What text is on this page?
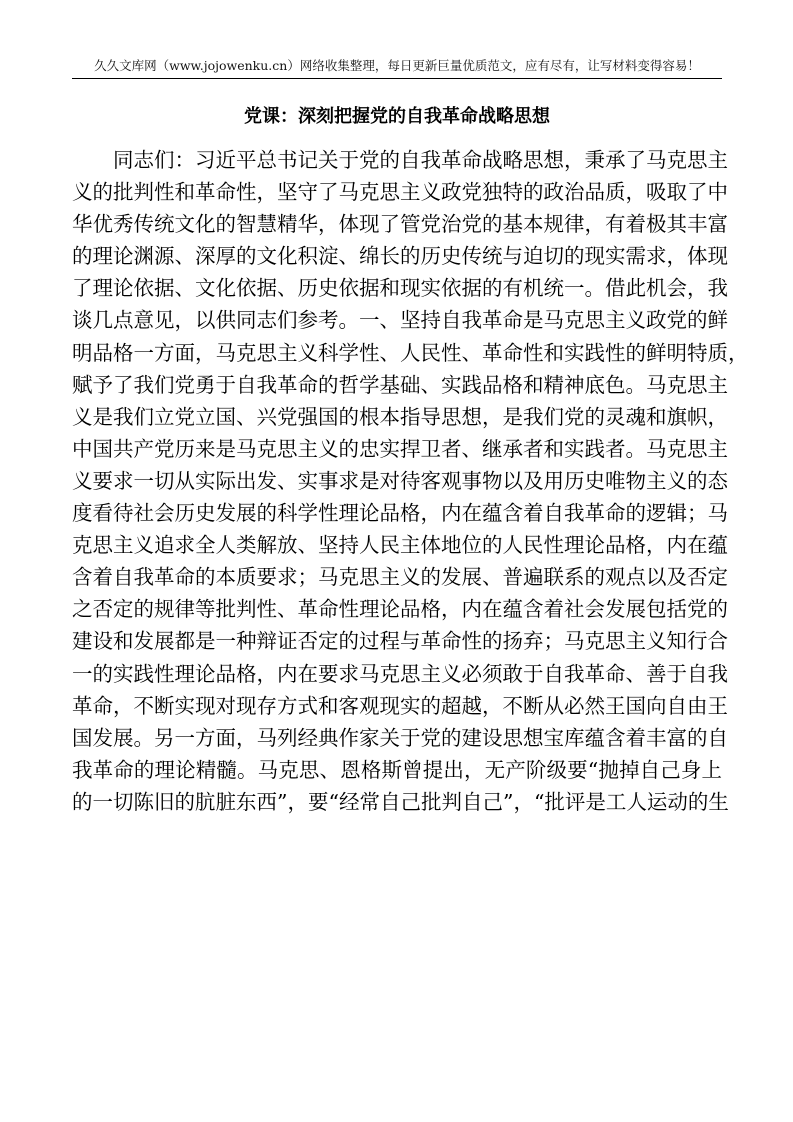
久久文库网（www.jojowenku.cn）网络收集整理，每日更新巨量优质范文，应有尽有，让写材料变得容易！
党课：深刻把握党的自我革命战略思想
　　同志们：习近平总书记关于党的自我革命战略思想，秉承了马克思主
义的批判性和革命性，坚守了马克思主义政党独特的政治品质，吸取了中
华优秀传统文化的智慧精华，体现了管党治党的基本规律，有着极其丰富
的理论渊源、深厚的文化积淀、绵长的历史传统与迫切的现实需求，体现
了理论依据、文化依据、历史依据和现实依据的有机统一。借此机会，我
谈几点意见，以供同志们参考。一、坚持自我革命是马克思主义政党的鲜
明品格一方面，马克思主义科学性、人民性、革命性和实践性的鲜明特质，
赋予了我们党勇于自我革命的哲学基础、实践品格和精神底色。马克思主
义是我们立党立国、兴党强国的根本指导思想，是我们党的灵魂和旗帜，
中国共产党历来是马克思主义的忠实捍卫者、继承者和实践者。马克思主
义要求一切从实际出发、实事求是对待客观事物以及用历史唯物主义的态
度看待社会历史发展的科学性理论品格，内在蕴含着自我革命的逻辑；马
克思主义追求全人类解放、坚持人民主体地位的人民性理论品格，内在蕴
含着自我革命的本质要求；马克思主义的发展、普遍联系的观点以及否定
之否定的规律等批判性、革命性理论品格，内在蕴含着社会发展包括党的
建设和发展都是一种辩证否定的过程与革命性的扬弃；马克思主义知行合
一的实践性理论品格，内在要求马克思主义必须敢于自我革命、善于自我
革命，不断实现对现存方式和客观现实的超越，不断从必然王国向自由王
国发展。另一方面，马列经典作家关于党的建设思想宝库蕴含着丰富的自
我革命的理论精髓。马克思、恩格斯曾提出，无产阶级要“抛掉自己身上
的一切陈旧的肮脏东西”，要“经常自己批判自己”，“批评是工人运动的生
